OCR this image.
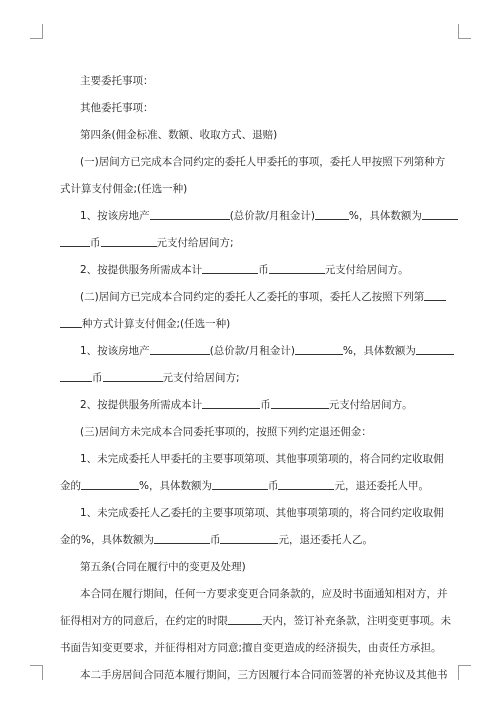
主要委托事项：
其他委托事项：
第四条(佣金标准、数额、收取方式、退赔)
(一)居间方已完成本合同约定的委托人甲委托的事项，委托人甲按照下列第种方
式计算支付佣金;(任选一种)
1、按该房地产	(总价款/月租金计)	%，具体数额为
币	元支付给居间方;
2、按提供服务所需成本计	币	元支付给居间方。
(二)居间方已完成本合同约定的委托人乙委托的事项，委托人乙按照下列第
种方式计算支付佣金;(任选一种)
1、按该房地产	(总价款/月租金计)	%，具体数额为
币	元支付给居间方;
2、按提供服务所需成本计	币	元支付给居间方。
(三)居间方未完成本合同委托事项的，按照下列约定退还佣金：
1、未完成委托人甲委托的主要事项第项、其他事项第项的，将合同约定收取佣
金的	%，具体数额为	币	元，退还委托人甲。
1、未完成委托人乙委托的主要事项第项、其他事项第项的，将合同约定收取佣
金的%，具体数额为	币	元，退还委托人乙。
第五条(合同在履行中的变更及处理)
本合同在履行期间，任何一方要求变更合同条款的，应及时书面通知相对方，并
征得相对方的同意后，在约定的时限	天内，签订补充条款，注明变更事项。未
书面告知变更要求，并征得相对方同意;擅自变更造成的经济损失，由责任方承担。
本二手房居间合同范本履行期间，三方因履行本合同而签署的补充协议及其他书
